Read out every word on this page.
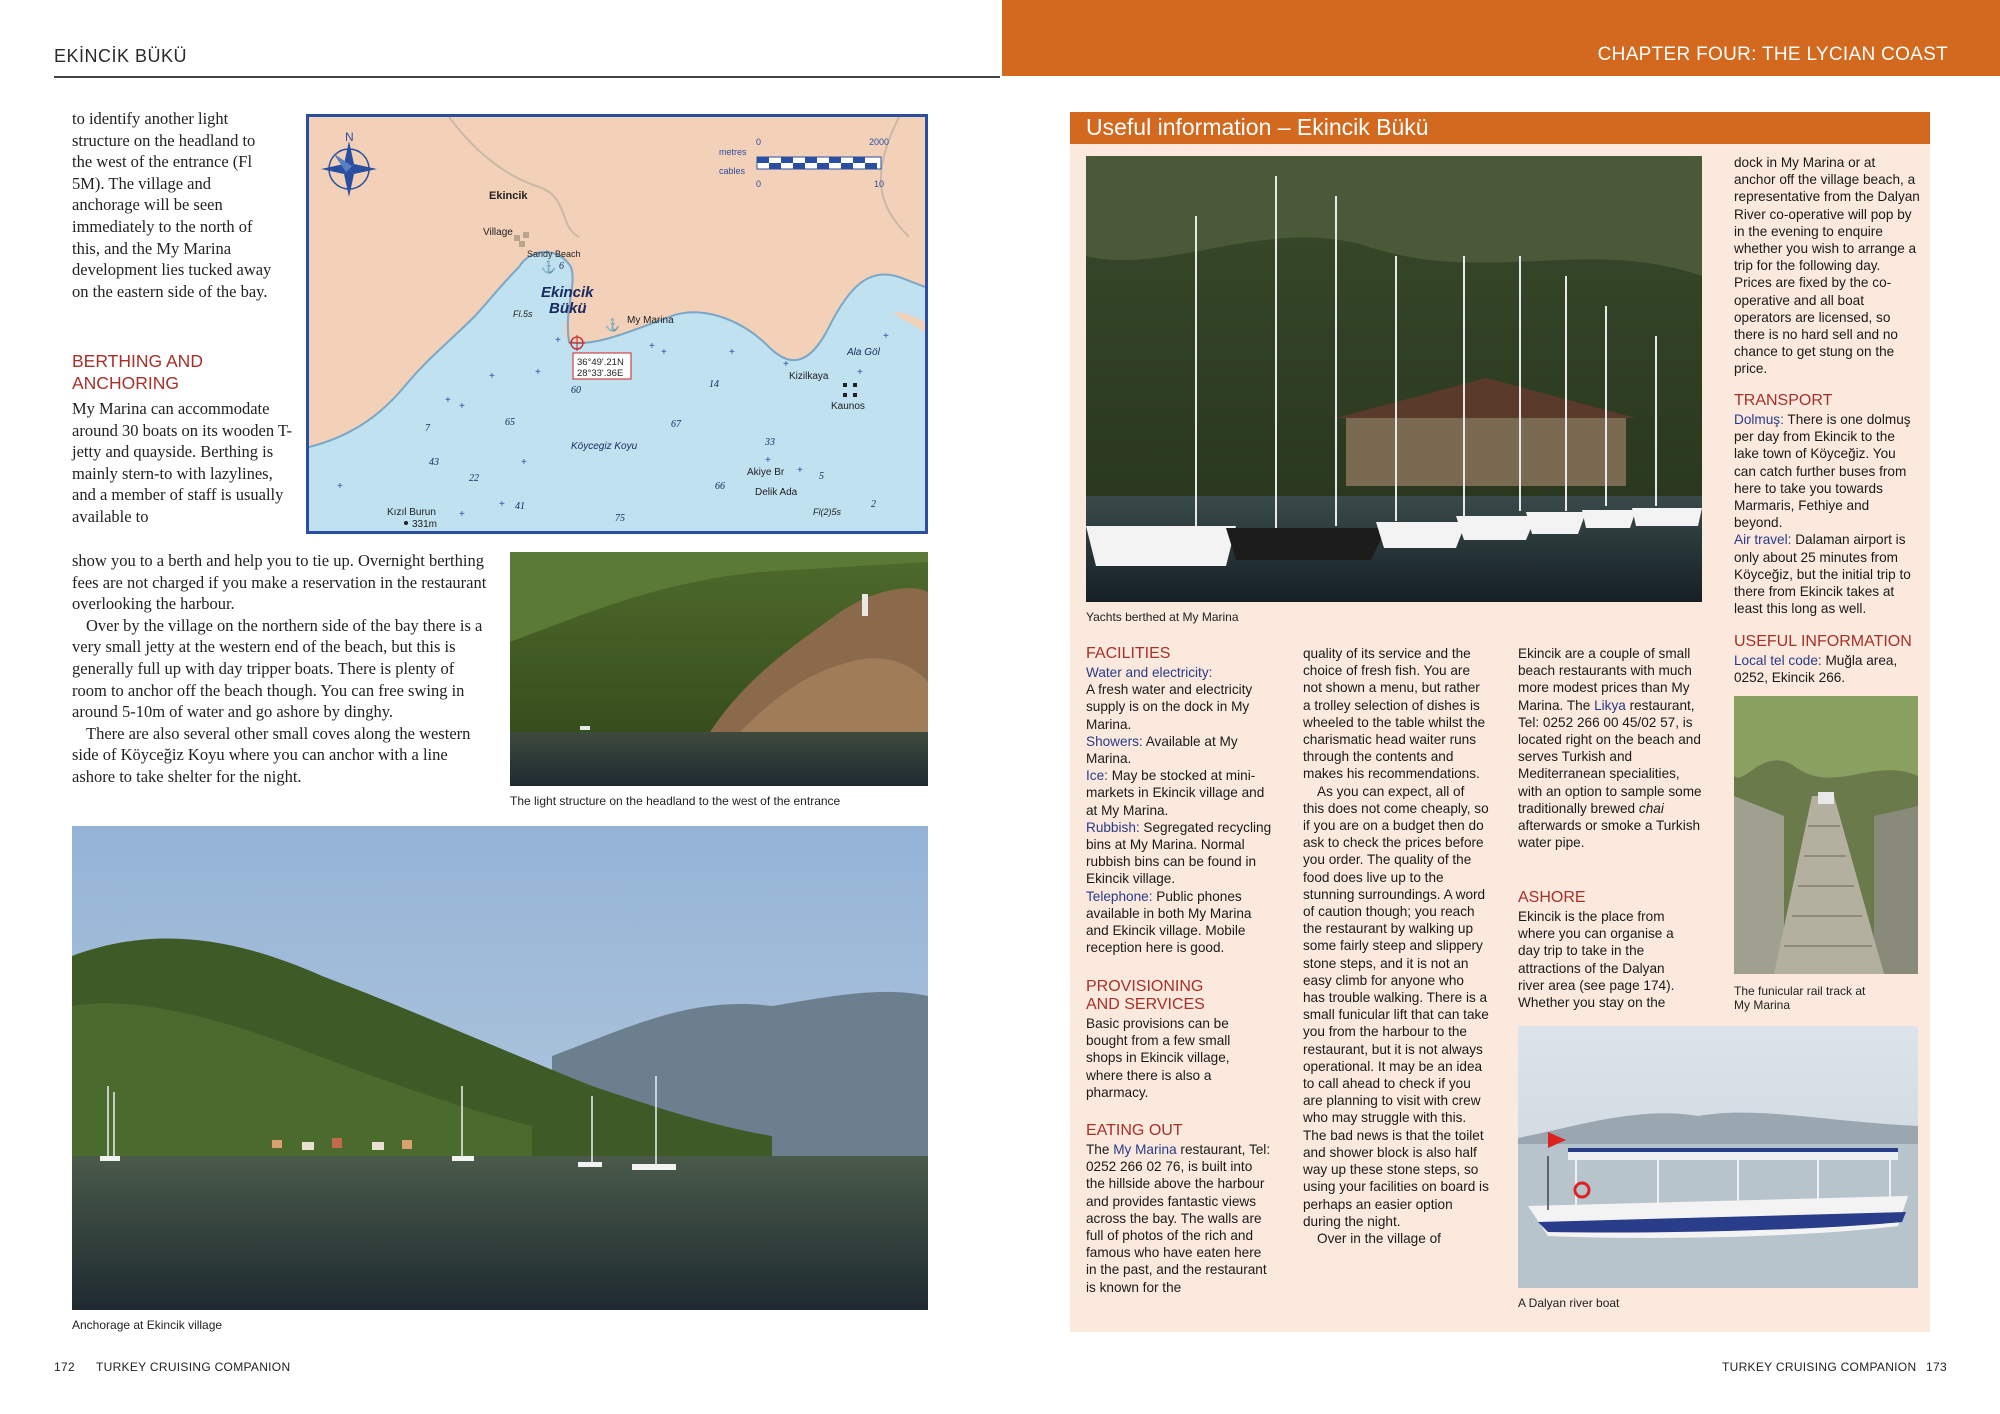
EKİNCİK BÜKÜ	CHAPTER FOUR: THE LYCIAN COAST
to identify another light structure on the headland to the west of the entrance (Fl 5M). The village and anchorage will be seen immediately to the north of this, and the My Marina development lies tucked away on the eastern side of the bay.
BERTHING AND ANCHORING
My Marina can accommodate around 30 boats on its wooden T-jetty and quayside. Berthing is mainly stern-to with lazylines, and a member of staff is usually available to

show you to a berth and help you to tie up. Overnight berthing fees are not charged if you make a reservation in the restaurant overlooking the harbour.

Over by the village on the northern side of the bay there is a very small jetty at the western end of the beach, but this is generally full up with day tripper boats. There is plenty of room to anchor off the beach though. You can free swing in around 5-10m of water and go ashore by dinghy.

There are also several other small coves along the western side of Köyceğiz Koyu where you can anchor with a line ashore to take shelter for the night.

N
metres
cables
0	2000
0	10
Ekincik
Village
Sandy Beach
Ekincik
Bükü
My Marina
Fl.5s
⚓
⚓
36°49'.21N
28°33'.36E
Ala Göl
Kizilkaya
Kaunos
Köycegiz Koyu
Akiye Br
Delik Ada
Fl(2)5s
Kızıl Burun
331m
6
60
14
67
65
7
43
22
41
75
33
66
5
2
+
+
+	+
+
+	+
+
+
+
+
+
+
+
+
+
+
The light structure on the headland to the west of the entrance
Anchorage at Ekincik village
172 TURKEY CRUISING COMPANION
Useful information – Ekincik Bükü
Yachts berthed at My Marina
dock in My Marina or at anchor off the village beach, a representative from the Dalyan River co-operative will pop by in the evening to enquire whether you wish to arrange a trip for the following day. Prices are fixed by the co-operative and all boat operators are licensed, so there is no hard sell and no chance to get stung on the price.
TRANSPORT
Dolmuş: There is one dolmuş per day from Ekincik to the lake town of Köyceğiz. You can catch further buses from here to take you towards Marmaris, Fethiye and beyond.
Air travel: Dalaman airport is only about 25 minutes from Köyceğiz, but the initial trip to there from Ekincik takes at least this long as well.
USEFUL INFORMATION
Local tel code: Muğla area, 0252, Ekincik 266.
The funicular rail track at
My Marina
FACILITIES
Water and electricity:
A fresh water and electricity supply is on the dock in My Marina.
Showers: Available at My Marina.
Ice: May be stocked at mini-markets in Ekincik village and at My Marina.
Rubbish: Segregated recycling bins at My Marina. Normal rubbish bins can be found in Ekincik village.
Telephone: Public phones available in both My Marina and Ekincik village. Mobile reception here is good.
PROVISIONING
AND SERVICES
Basic provisions can be bought from a few small shops in Ekincik village, where there is also a pharmacy.
EATING OUT
The My Marina restaurant, Tel: 0252 266 02 76, is built into the hillside above the harbour and provides fantastic views across the bay. The walls are full of photos of the rich and famous who have eaten here in the past, and the restaurant is known for the
quality of its service and the choice of fresh fish. You are not shown a menu, but rather a trolley selection of dishes is wheeled to the table whilst the charismatic head waiter runs through the contents and makes his recommendations.
As you can expect, all of this does not come cheaply, so if you are on a budget then do ask to check the prices before you order. The quality of the food does live up to the stunning surroundings. A word of caution though; you reach the restaurant by walking up some fairly steep and slippery stone steps, and it is not an easy climb for anyone who has trouble walking. There is a small funicular lift that can take you from the harbour to the restaurant, but it is not always operational. It may be an idea to call ahead to check if you are planning to visit with crew who may struggle with this. The bad news is that the toilet and shower block is also half way up these stone steps, so using your facilities on board is perhaps an easier option during the night.
Over in the village of
Ekincik are a couple of small beach restaurants with much more modest prices than My Marina. The Likya restaurant, Tel: 0252 266 00 45/02 57, is located right on the beach and serves Turkish and Mediterranean specialities, with an option to sample some traditionally brewed chai afterwards or smoke a Turkish water pipe.
ASHORE
Ekincik is the place from where you can organise a day trip to take in the attractions of the Dalyan river area (see page 174). Whether you stay on the
A Dalyan river boat
TURKEY CRUISING COMPANION 173
